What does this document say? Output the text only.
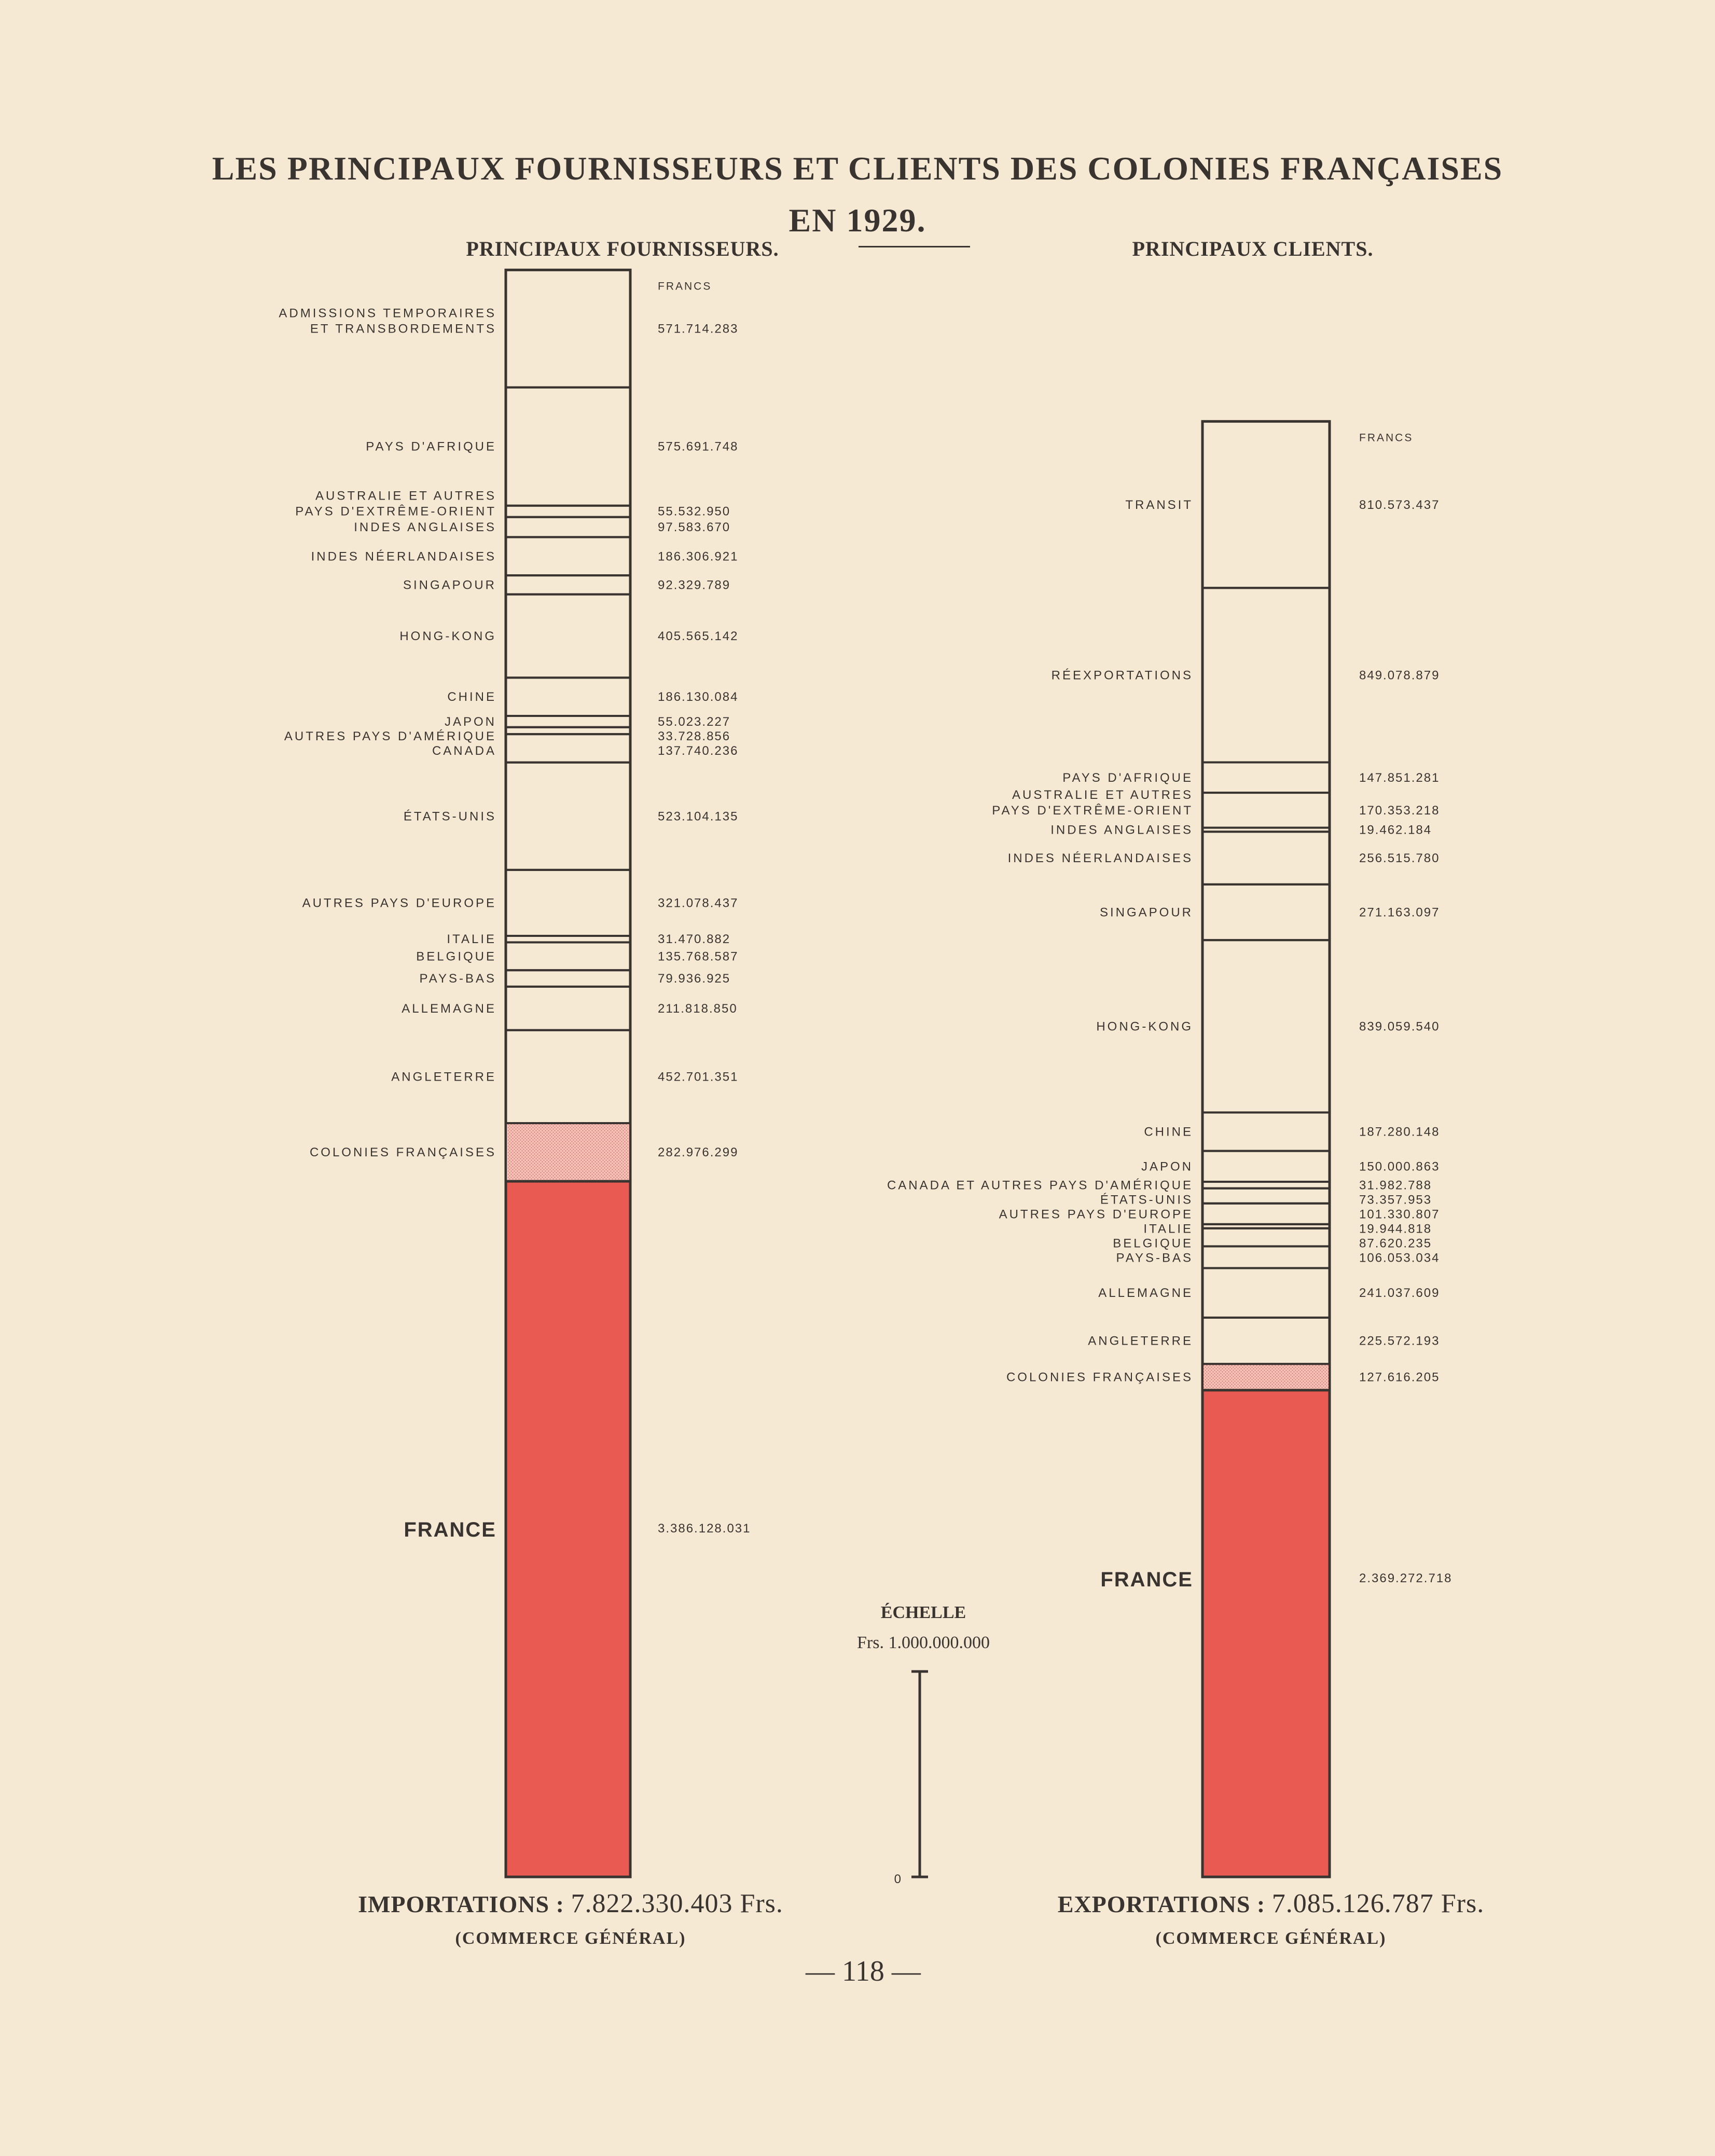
LES PRINCIPAUX FOURNISSEURS ET CLIENTS DES COLONIES FRANÇAISES
EN 1929.
PRINCIPAUX FOURNISSEURS.	PRINCIPAUX CLIENTS.
FRANCS
ADMISSIONS TEMPORAIRES ET TRANSBORDEMENTS	571.714.283
PAYS D'AFRIQUE	575.691.748
AUSTRALIE ET AUTRES PAYS D'EXTRÊME-ORIENT	55.532.950
INDES ANGLAISES	97.583.670
INDES NÉERLANDAISES	186.306.921
SINGAPOUR	92.329.789
HONG-KONG	405.565.142
CHINE	186.130.084
JAPON	55.023.227
AUTRES PAYS D'AMÉRIQUE	33.728.856
CANADA	137.740.236
ÉTATS-UNIS	523.104.135
AUTRES PAYS D'EUROPE	321.078.437
ITALIE	31.470.882
BELGIQUE	135.768.587
PAYS-BAS	79.936.925
ALLEMAGNE	211.818.850
ANGLETERRE	452.701.351
COLONIES FRANÇAISES	282.976.299
FRANCE	3.386.128.031
FRANCS
TRANSIT	810.573.437
RÉEXPORTATIONS	849.078.879
PAYS D'AFRIQUE	147.851.281
AUSTRALIE ET AUTRES PAYS D'EXTRÊME-ORIENT	170.353.218
INDES ANGLAISES	19.462.184
INDES NÉERLANDAISES	256.515.780
SINGAPOUR	271.163.097
HONG-KONG	839.059.540
CHINE	187.280.148
JAPON	150.000.863
CANADA ET AUTRES PAYS D'AMÉRIQUE	31.982.788
ÉTATS-UNIS	73.357.953
AUTRES PAYS D'EUROPE	101.330.807
ITALIE	19.944.818
BELGIQUE	87.620.235
PAYS-BAS	106.053.034
ALLEMAGNE	241.037.609
ANGLETERRE	225.572.193
COLONIES FRANÇAISES	127.616.205
FRANCE	2.369.272.718
0
ÉCHELLE
Frs. 1.000.000.000
IMPORTATIONS : 7.822.330.403 Frs.
(COMMERCE GÉNÉRAL)
EXPORTATIONS : 7.085.126.787 Frs.
(COMMERCE GÉNÉRAL)
— 118 —
